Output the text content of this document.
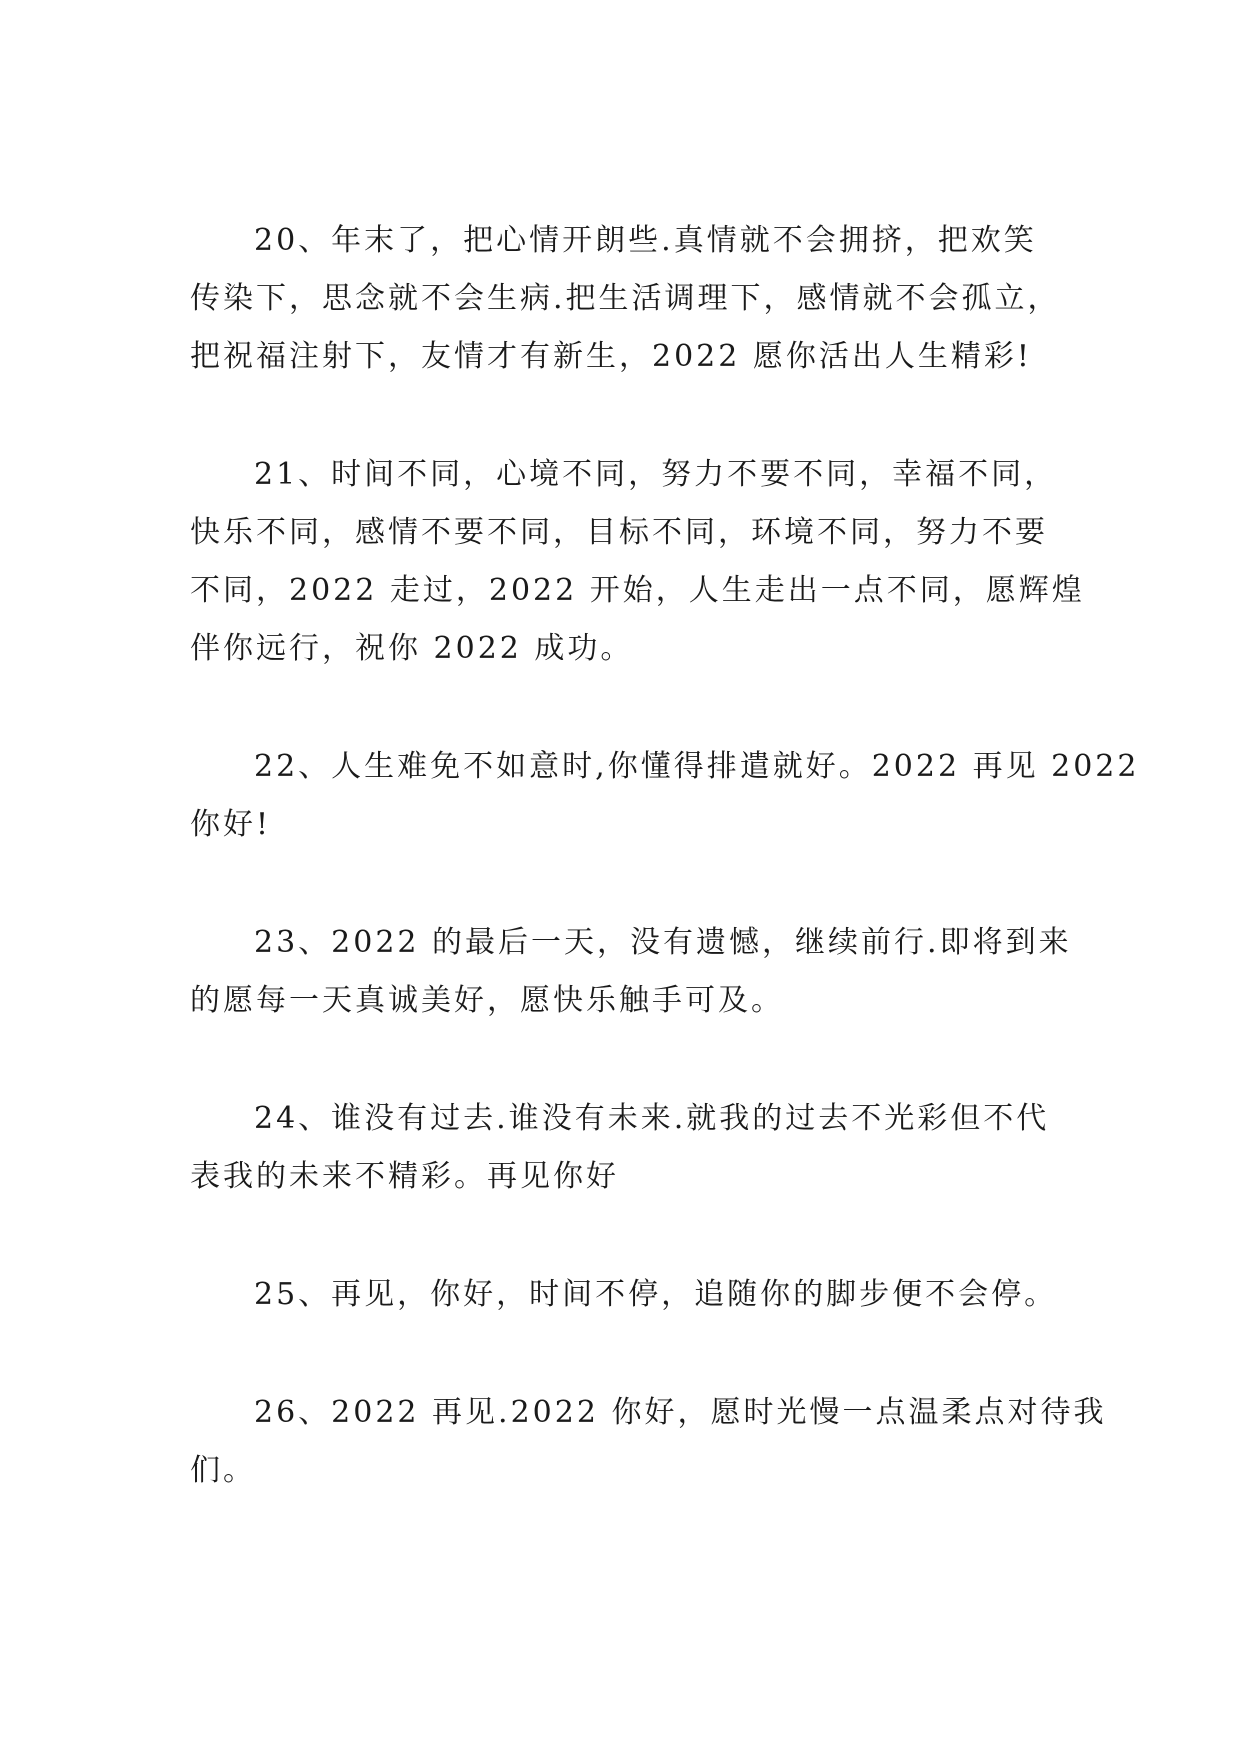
20、年末了，把心情开朗些.真情就不会拥挤，把欢笑
传染下，思念就不会生病.把生活调理下，感情就不会孤立，
把祝福注射下，友情才有新生，2022 愿你活出人生精彩!

21、时间不同，心境不同，努力不要不同，幸福不同，
快乐不同，感情不要不同，目标不同，环境不同，努力不要
不同，2022 走过，2022 开始，人生走出一点不同，愿辉煌
伴你远行，祝你 2022 成功。

22、人生难免不如意时,你懂得排遣就好。2022 再见 2022
你好!

23、2022 的最后一天，没有遗憾，继续前行.即将到来
的愿每一天真诚美好，愿快乐触手可及。

24、谁没有过去.谁没有未来.就我的过去不光彩但不代
表我的未来不精彩。再见你好

25、再见，你好，时间不停，追随你的脚步便不会停。

26、2022 再见.2022 你好，愿时光慢一点温柔点对待我
们。
